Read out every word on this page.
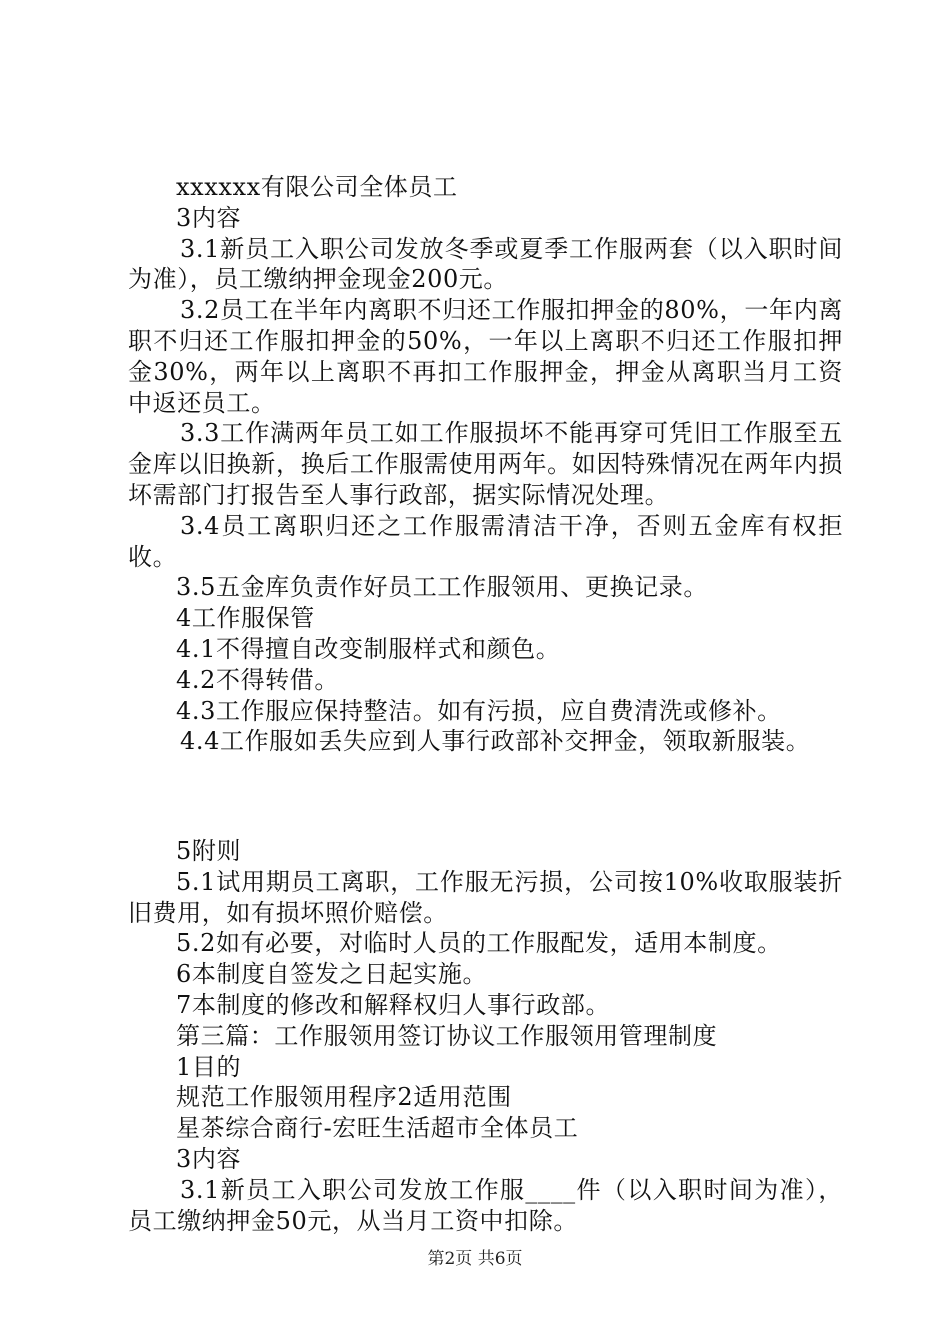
xxxxxx有限公司全体员工

3内容

3.1新员工入职公司发放冬季或夏季工作服两套（以入职时间为准），员工缴纳押金现金200元。

3.2员工在半年内离职不归还工作服扣押金的80%，一年内离职不归还工作服扣押金的50%，一年以上离职不归还工作服扣押金30%，两年以上离职不再扣工作服押金，押金从离职当月工资中返还员工。

3.3工作满两年员工如工作服损坏不能再穿可凭旧工作服至五金库以旧换新，换后工作服需使用两年。如因特殊情况在两年内损坏需部门打报告至人事行政部，据实际情况处理。

3.4员工离职归还之工作服需清洁干净，否则五金库有权拒收。

3.5五金库负责作好员工工作服领用、更换记录。

4工作服保管

4.1不得擅自改变制服样式和颜色。

4.2不得转借。

4.3工作服应保持整洁。如有污损，应自费清洗或修补。

4.4工作服如丢失应到人事行政部补交押金，领取新服装。

5附则

5.1试用期员工离职，工作服无污损，公司按10%收取服装折旧费用，如有损坏照价赔偿。

5.2如有必要，对临时人员的工作服配发，适用本制度。

6本制度自签发之日起实施。

7本制度的修改和解释权归人事行政部。

第三篇：工作服领用签订协议工作服领用管理制度

1目的

规范工作服领用程序2适用范围

星茶综合商行-宏旺生活超市全体员工

3内容

3.1新员工入职公司发放工作服____件（以入职时间为准），员工缴纳押金50元，从当月工资中扣除。

第2页 共6页
